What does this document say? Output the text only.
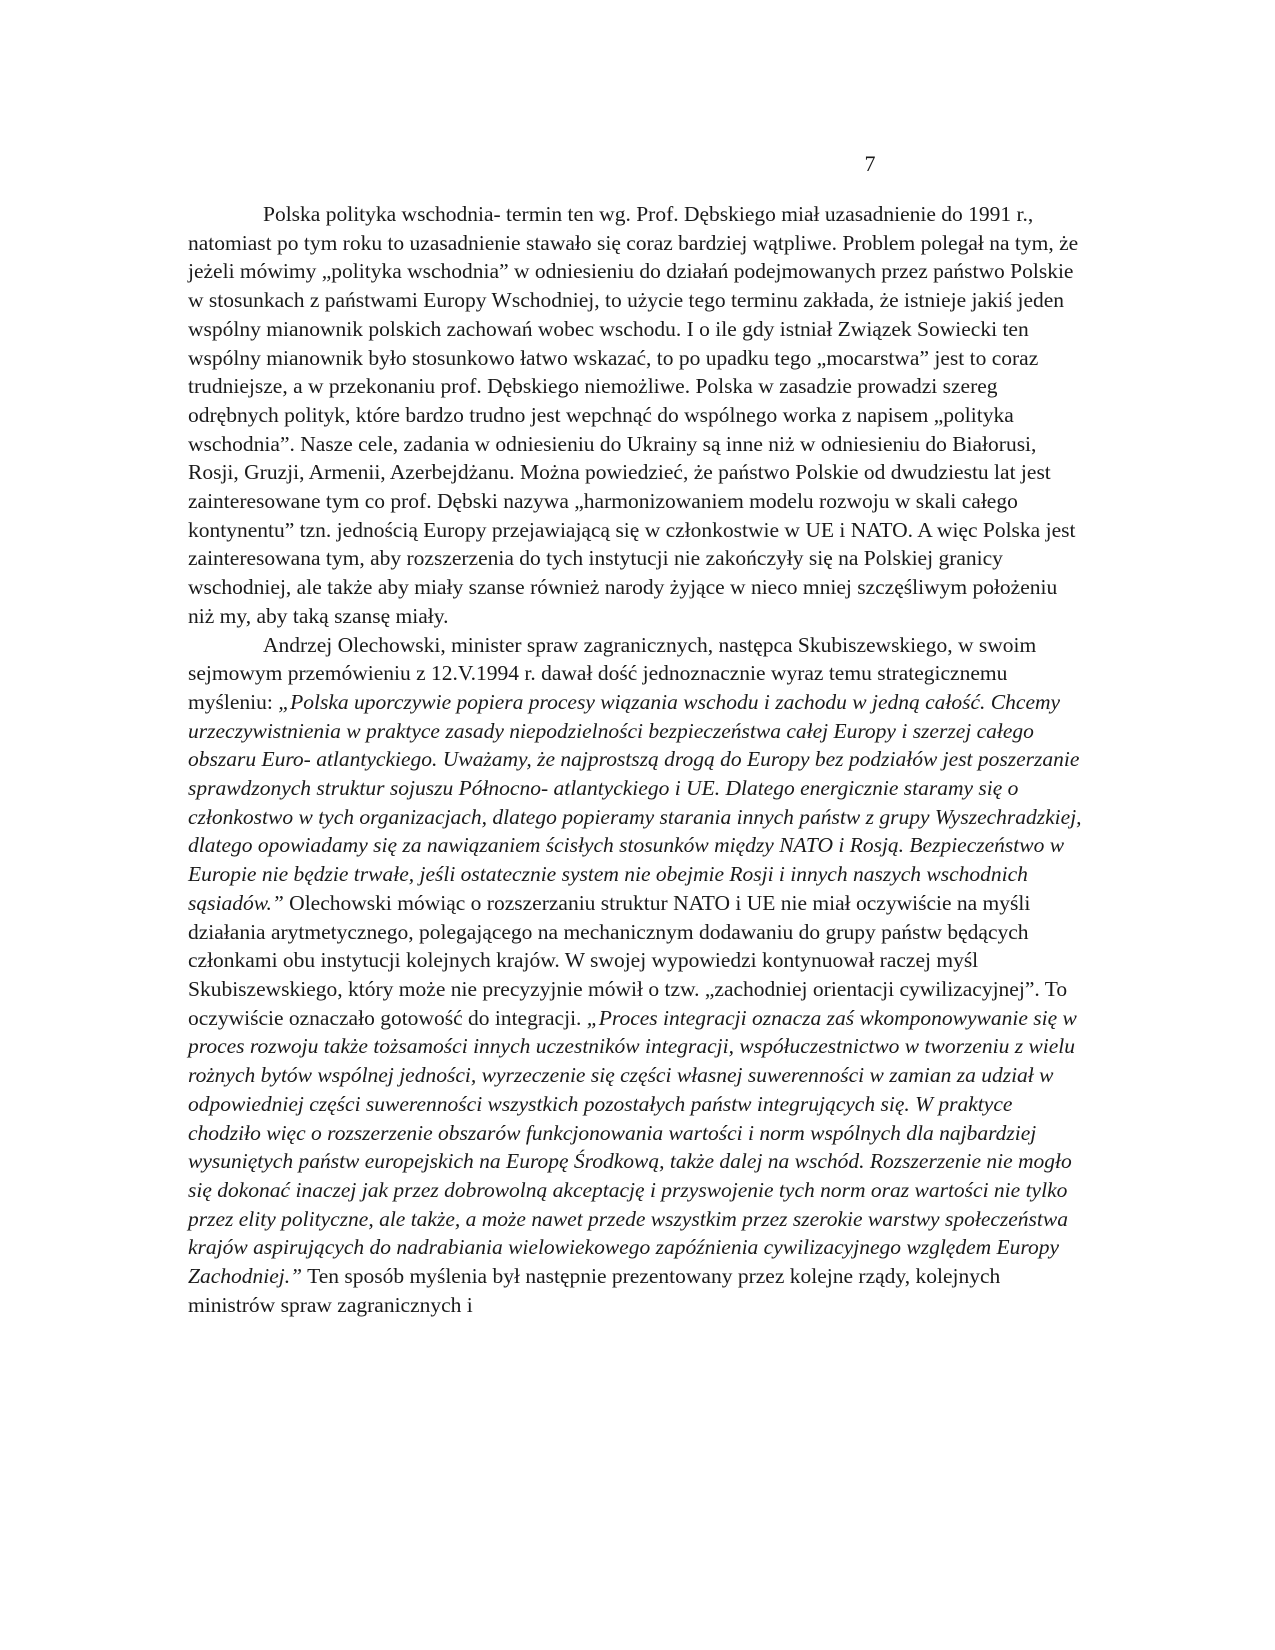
7

Polska polityka wschodnia- termin ten wg. Prof. Dębskiego miał uzasadnienie do 1991 r., natomiast po tym roku to uzasadnienie stawało się coraz bardziej wątpliwe. Problem polegał na tym, że jeżeli mówimy „polityka wschodnia” w odniesieniu do działań podejmowanych przez państwo Polskie w stosunkach z państwami Europy Wschodniej, to użycie tego terminu zakłada, że istnieje jakiś jeden wspólny mianownik polskich zachowań wobec wschodu. I o ile gdy istniał Związek Sowiecki ten wspólny mianownik było stosunkowo łatwo wskazać, to po upadku tego „mocarstwa” jest to coraz trudniejsze, a w przekonaniu prof. Dębskiego niemożliwe. Polska w zasadzie prowadzi szereg odrębnych polityk, które bardzo trudno jest wepchnąć do wspólnego worka z napisem „polityka wschodnia”. Nasze cele, zadania w odniesieniu do Ukrainy są inne niż w odniesieniu do Białorusi, Rosji, Gruzji, Armenii, Azerbejdżanu. Można powiedzieć, że państwo Polskie od dwudziestu lat jest zainteresowane tym co prof. Dębski nazywa „harmonizowaniem modelu rozwoju w skali całego kontynentu” tzn. jednością Europy przejawiającą się w członkostwie w UE i NATO. A więc Polska jest zainteresowana tym, aby rozszerzenia do tych instytucji nie zakończyły się na Polskiej granicy wschodniej, ale także aby miały szanse również narody żyjące w nieco mniej szczęśliwym położeniu niż my, aby taką szansę miały.

Andrzej Olechowski, minister spraw zagranicznych, następca Skubiszewskiego, w swoim sejmowym przemówieniu z 12.V.1994 r. dawał dość jednoznacznie wyraz temu strategicznemu myśleniu: „Polska uporczywie popiera procesy wiązania wschodu i zachodu w jedną całość. Chcemy urzeczywistnienia w praktyce zasady niepodzielności bezpieczeństwa całej Europy i szerzej całego obszaru Euro- atlantyckiego. Uważamy, że najprostszą drogą do Europy bez podziałów jest poszerzanie sprawdzonych struktur sojuszu Północno- atlantyckiego i UE. Dlatego energicznie staramy się o członkostwo w tych organizacjach, dlatego popieramy starania innych państw z grupy Wyszechradzkiej, dlatego opowiadamy się za nawiązaniem ścisłych stosunków między NATO i Rosją. Bezpieczeństwo w Europie nie będzie trwałe, jeśli ostatecznie system nie obejmie Rosji i innych naszych wschodnich sąsiadów.” Olechowski mówiąc o rozszerzaniu struktur NATO i UE nie miał oczywiście na myśli działania arytmetycznego, polegającego na mechanicznym dodawaniu do grupy państw będących członkami obu instytucji kolejnych krajów. W swojej wypowiedzi kontynuował raczej myśl Skubiszewskiego, który może nie precyzyjnie mówił o tzw. „zachodniej orientacji cywilizacyjnej”. To oczywiście oznaczało gotowość do integracji. „Proces integracji oznacza zaś wkomponowywanie się w proces rozwoju także tożsamości innych uczestników integracji, współuczestnictwo w tworzeniu z wielu rożnych bytów wspólnej jedności, wyrzeczenie się części własnej suwerenności w zamian za udział w odpowiedniej części suwerenności wszystkich pozostałych państw integrujących się. W praktyce chodziło więc o rozszerzenie obszarów funkcjonowania wartości i norm wspólnych dla najbardziej wysuniętych państw europejskich na Europę Środkową, także dalej na wschód. Rozszerzenie nie mogło się dokonać inaczej jak przez dobrowolną akceptację i przyswojenie tych norm oraz wartości nie tylko przez elity polityczne, ale także, a może nawet przede wszystkim przez szerokie warstwy społeczeństwa krajów aspirujących do nadrabiania wielowiekowego zapóźnienia cywilizacyjnego względem Europy Zachodniej.” Ten sposób myślenia był następnie prezentowany przez kolejne rządy, kolejnych ministrów spraw zagranicznych i
